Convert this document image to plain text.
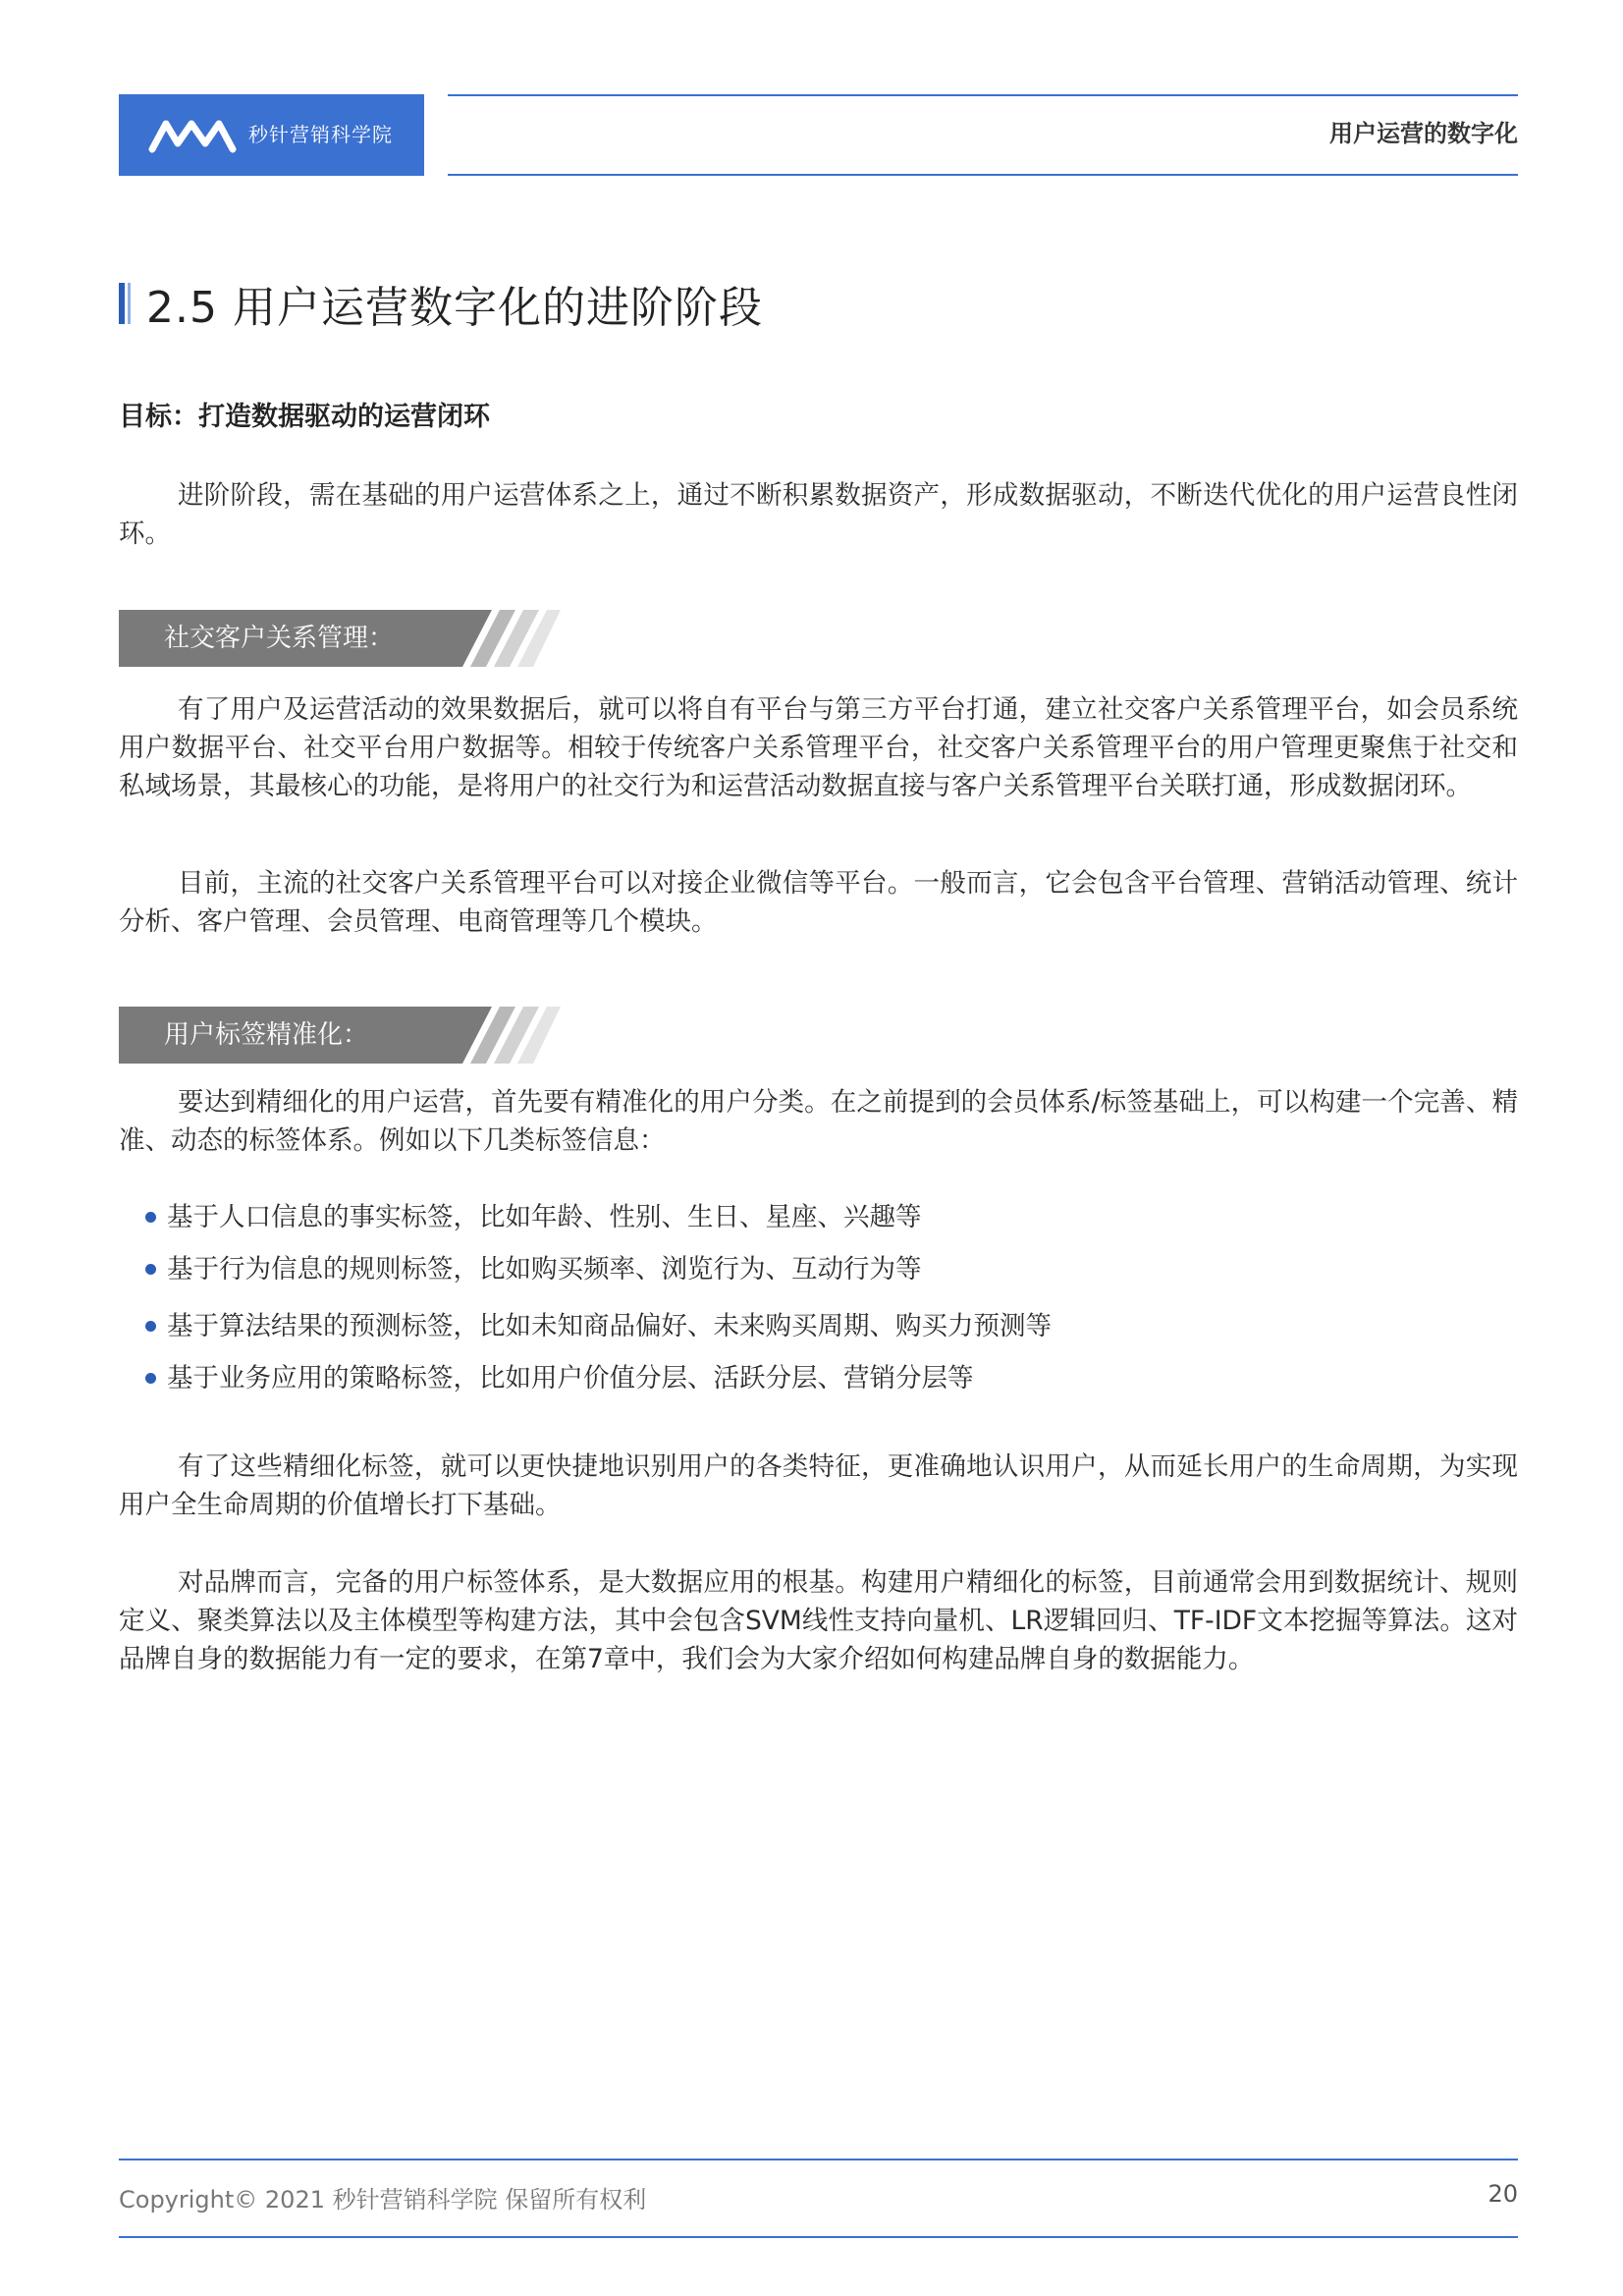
秒针营销科学院	用户运营的数字化
2.5 用户运营数字化的进阶阶段
目标：打造数据驱动的运营闭环

进阶阶段，需在基础的用户运营体系之上，通过不断积累数据资产，形成数据驱动，不断迭代优化的用户运营良性闭环。

社交客户关系管理：

有了用户及运营活动的效果数据后，就可以将自有平台与第三方平台打通，建立社交客户关系管理平台，如会员系统用户数据平台、社交平台用户数据等。相较于传统客户关系管理平台，社交客户关系管理平台的用户管理更聚焦于社交和私域场景，其最核心的功能，是将用户的社交行为和运营活动数据直接与客户关系管理平台关联打通，形成数据闭环。

目前，主流的社交客户关系管理平台可以对接企业微信等平台。一般而言，它会包含平台管理、营销活动管理、统计分析、客户管理、会员管理、电商管理等几个模块。

用户标签精准化：

要达到精细化的用户运营，首先要有精准化的用户分类。在之前提到的会员体系/标签基础上，可以构建一个完善、精准、动态的标签体系。例如以下几类标签信息：

基于人口信息的事实标签，比如年龄、性别、生日、星座、兴趣等
基于行为信息的规则标签，比如购买频率、浏览行为、互动行为等
基于算法结果的预测标签，比如未知商品偏好、未来购买周期、购买力预测等
基于业务应用的策略标签，比如用户价值分层、活跃分层、营销分层等

有了这些精细化标签，就可以更快捷地识别用户的各类特征，更准确地认识用户，从而延长用户的生命周期，为实现用户全生命周期的价值增长打下基础。

对品牌而言，完备的用户标签体系，是大数据应用的根基。构建用户精细化的标签，目前通常会用到数据统计、规则定义、聚类算法以及主体模型等构建方法，其中会包含SVM线性支持向量机、LR逻辑回归、TF-IDF文本挖掘等算法。这对品牌自身的数据能力有一定的要求，在第7章中，我们会为大家介绍如何构建品牌自身的数据能力。

Copyright© 2021 秒针营销科学院 保留所有权利	20
